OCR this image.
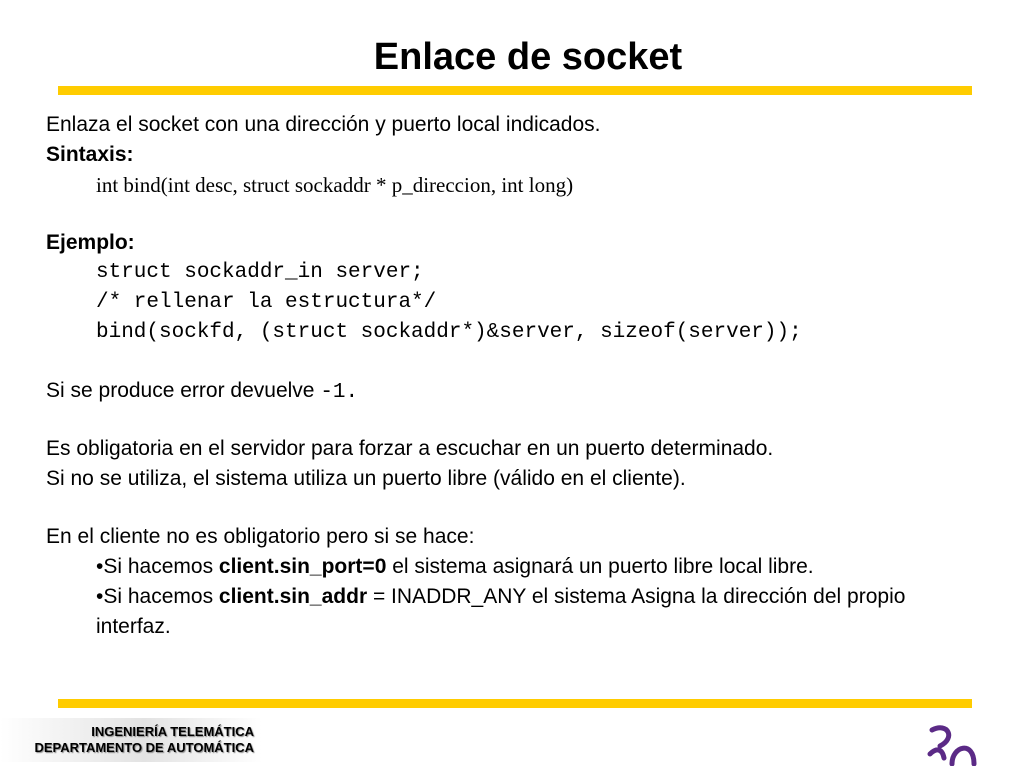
Enlace de socket
Enlaza el socket con una dirección y puerto local indicados.
Sintaxis:
int bind(int desc, struct sockaddr * p_direccion, int long)
Ejemplo:
struct sockaddr_in server;
/* rellenar la estructura*/
bind(sockfd, (struct sockaddr*)&server, sizeof(server));
Si se produce error devuelve -1.
Es obligatoria en el servidor para forzar a escuchar en un puerto determinado.
Si no se utiliza, el sistema utiliza un puerto libre (válido en el cliente).
En el cliente no es obligatorio pero si se hace:
•Si hacemos client.sin_port=0 el sistema asignará un puerto libre local libre.
•Si hacemos client.sin_addr = INADDR_ANY el sistema Asigna la dirección del propio interfaz.
INGENIERÍA TELEMÁTICA
DEPARTAMENTO DE AUTOMÁTICA
